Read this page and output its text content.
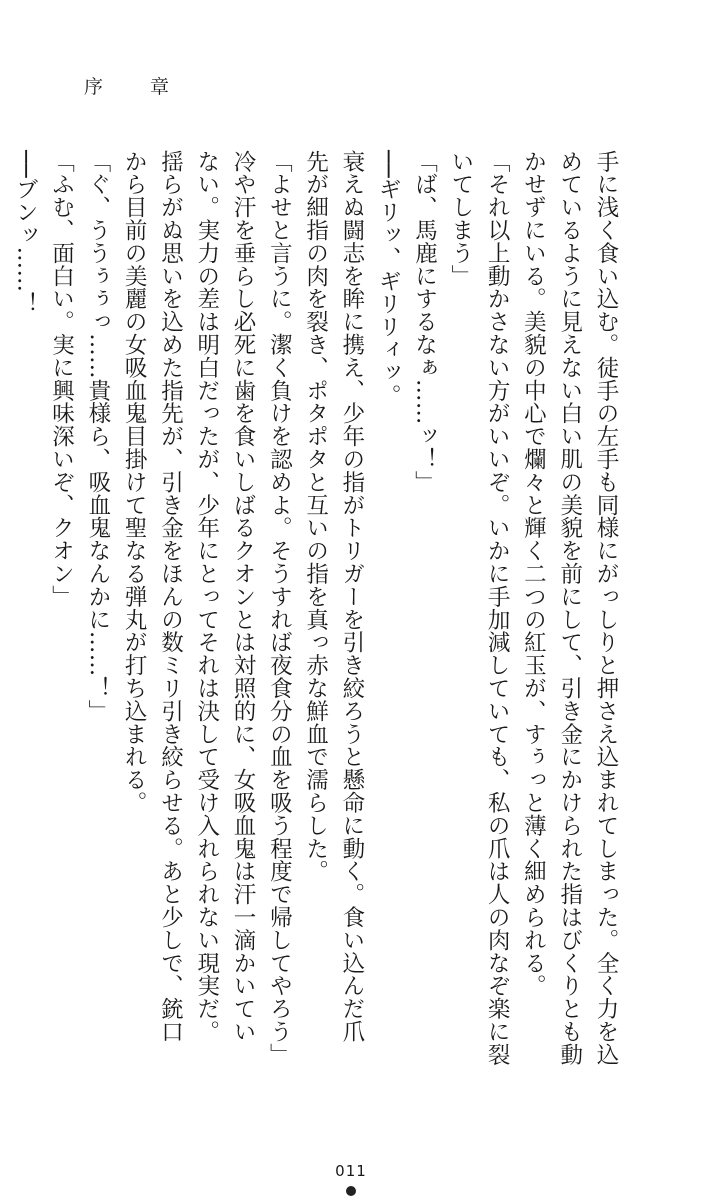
序　章

手に浅く食い込む。徒手の左手も同様にがっしりと押さえ込まれてしまった。全く力を込

めているように見えない白い肌の美貌を前にして、引き金にかけられた指はびくりとも動

かせずにいる。美貌の中心で爛々と輝く二つの紅玉が、すぅっと薄く細められる。

「それ以上動かさない方がいいぞ。いかに手加減していても、私の爪は人の肉なぞ楽に裂

いてしまう」

「ば、馬鹿にするなぁ……ッ！」

──ギリッ、ギリリィッ。

衰えぬ闘志を眸に携え、少年の指がトリガーを引き絞ろうと懸命に動く。食い込んだ爪

先が細指の肉を裂き、ポタポタと互いの指を真っ赤な鮮血で濡らした。

「よせと言うに。潔く負けを認めよ。そうすれば夜食分の血を吸う程度で帰してやろう」

冷や汗を垂らし必死に歯を食いしばるクオンとは対照的に、女吸血鬼は汗一滴かいてい

ない。実力の差は明白だったが、少年にとってそれは決して受け入れられない現実だ。

揺らがぬ思いを込めた指先が、引き金をほんの数ミリ引き絞らせる。あと少しで、銃口

から目前の美麗の女吸血鬼目掛けて聖なる弾丸が打ち込まれる。

「ぐ、ううぅぅっ……貴様ら、吸血鬼なんかに……！」

「ふむ、面白い。実に興味深いぞ、クオン」

──ブンッ……！

011
